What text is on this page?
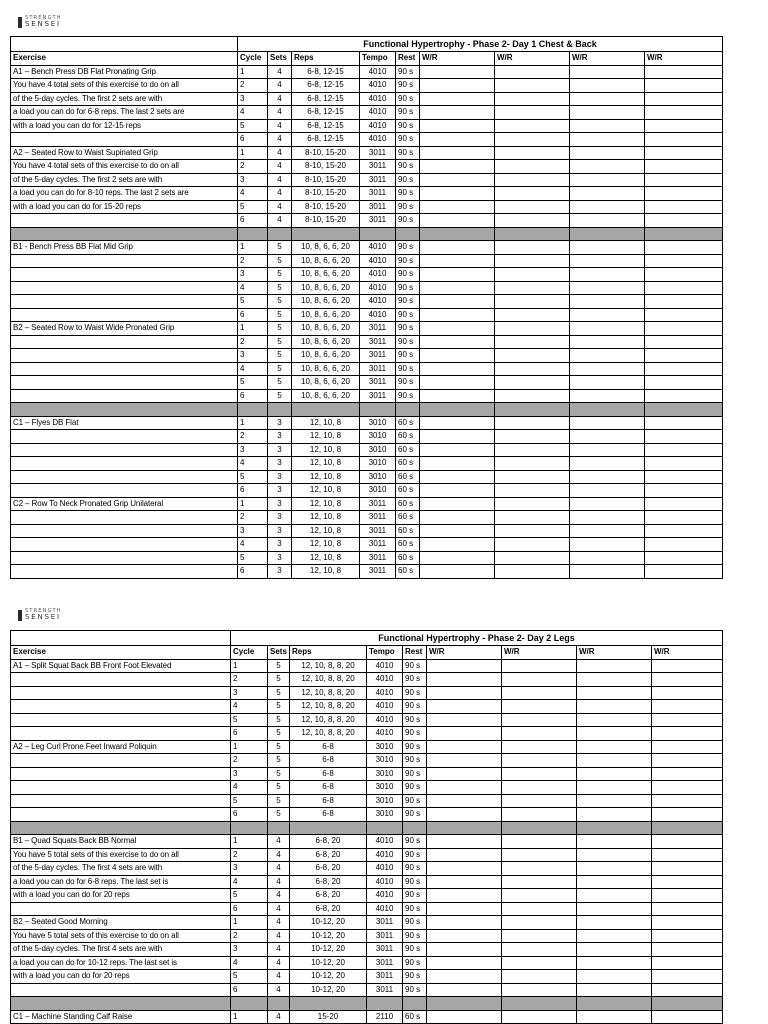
STRENGTH
SENSEI
	Functional Hypertrophy - Phase 2- Day 1 Chest & Back								
Exercise	Cycle	Sets	Reps	Tempo	Rest	W/R	W/R	W/R	W/R
A1 – Bench Press DB Flat Pronating Grip	1	4	6-8, 12-15	4010	90 s				
You have 4 total sets of this exercise to do on all	2	4	6-8, 12-15	4010	90 s				
of the 5-day cycles. The first 2 sets are with	3	4	6-8, 12-15	4010	90 s				
a load you can do for 6-8 reps. The last 2 sets are	4	4	6-8, 12-15	4010	90 s				
with a load you can do for 12-15 reps	5	4	6-8, 12-15	4010	90 s				
	6	4	6-8, 12-15	4010	90 s				
A2 – Seated Row to Waist Supinated Grip	1	4	8-10, 15-20	3011	90 s				
You have 4 total sets of this exercise to do on all	2	4	8-10, 15-20	3011	90 s				
of the 5-day cycles. The first 2 sets are with	3	4	8-10, 15-20	3011	90 s				
a load you can do for 8-10 reps. The last 2 sets are	4	4	8-10, 15-20	3011	90 s				
with a load you can do for 15-20 reps	5	4	8-10, 15-20	3011	90 s				
	6	4	8-10, 15-20	3011	90 s				

B1 - Bench Press BB Flat Mid Grip	1	5	10, 8, 6, 6, 20	4010	90 s				
	2	5	10, 8, 6, 6, 20	4010	90 s				
	3	5	10, 8, 6, 6, 20	4010	90 s				
	4	5	10, 8, 6, 6, 20	4010	90 s				
	5	5	10, 8, 6, 6, 20	4010	90 s				
	6	5	10, 8, 6, 6, 20	4010	90 s				
B2 – Seated Row to Waist Wide Pronated Grip	1	5	10, 8, 6, 6, 20	3011	90 s				
	2	5	10, 8, 6, 6, 20	3011	90 s				
	3	5	10, 8, 6, 6, 20	3011	90 s				
	4	5	10, 8, 6, 6, 20	3011	90 s				
	5	5	10, 8, 6, 6, 20	3011	90 s				
	6	5	10, 8, 6, 6, 20	3011	90 s				

C1 – Flyes DB Flat	1	3	12, 10, 8	3010	60 s				
	2	3	12, 10, 8	3010	60 s				
	3	3	12, 10, 8	3010	60 s				
	4	3	12, 10, 8	3010	60 s				
	5	3	12, 10, 8	3010	60 s				
	6	3	12, 10, 8	3010	60 s				
C2 – Row To Neck Pronated Grip Unilateral	1	3	12, 10, 8	3011	60 s				
	2	3	12, 10, 8	3011	60 s				
	3	3	12, 10, 8	3011	60 s				
	4	3	12, 10, 8	3011	60 s				
	5	3	12, 10, 8	3011	60 s				
	6	3	12, 10, 8	3011	60 s				
STRENGTH
SENSEI
	Functional Hypertrophy - Phase 2- Day 2 Legs								
Exercise	Cycle	Sets	Reps	Tempo	Rest	W/R	W/R	W/R	W/R
A1 – Split Squat Back BB Front Foot Elevated	1	5	12, 10, 8, 8, 20	4010	90 s				
	2	5	12, 10, 8, 8, 20	4010	90 s				
	3	5	12, 10, 8, 8, 20	4010	90 s				
	4	5	12, 10, 8, 8, 20	4010	90 s				
	5	5	12, 10, 8, 8, 20	4010	90 s				
	6	5	12, 10, 8, 8, 20	4010	90 s				
A2 – Leg Curl Prone Feet Inward Poliquin	1	5	6-8	3010	90 s				
	2	5	6-8	3010	90 s				
	3	5	6-8	3010	90 s				
	4	5	6-8	3010	90 s				
	5	5	6-8	3010	90 s				
	6	5	6-8	3010	90 s				

B1 – Quad Squats Back BB Normal	1	4	6-8, 20	4010	90 s				
You have 5 total sets of this exercise to do on all	2	4	6-8, 20	4010	90 s				
of the 5-day cycles. The first 4 sets are with	3	4	6-8, 20	4010	90 s				
a load you can do for 6-8 reps. The last set is	4	4	6-8, 20	4010	90 s				
with a load you can do for 20 reps	5	4	6-8, 20	4010	90 s				
	6	4	6-8, 20	4010	90 s				
B2 – Seated Good Morning	1	4	10-12, 20	3011	90 s				
You have 5 total sets of this exercise to do on all	2	4	10-12, 20	3011	90 s				
of the 5-day cycles. The first 4 sets are with	3	4	10-12, 20	3011	90 s				
a load you can do for 10-12 reps. The last set is	4	4	10-12, 20	3011	90 s				
with a load you can do for 20 reps	5	4	10-12, 20	3011	90 s				
	6	4	10-12, 20	3011	90 s				

C1 – Machine Standing Calf Raise	1	4	15-20	2110	60 s				
